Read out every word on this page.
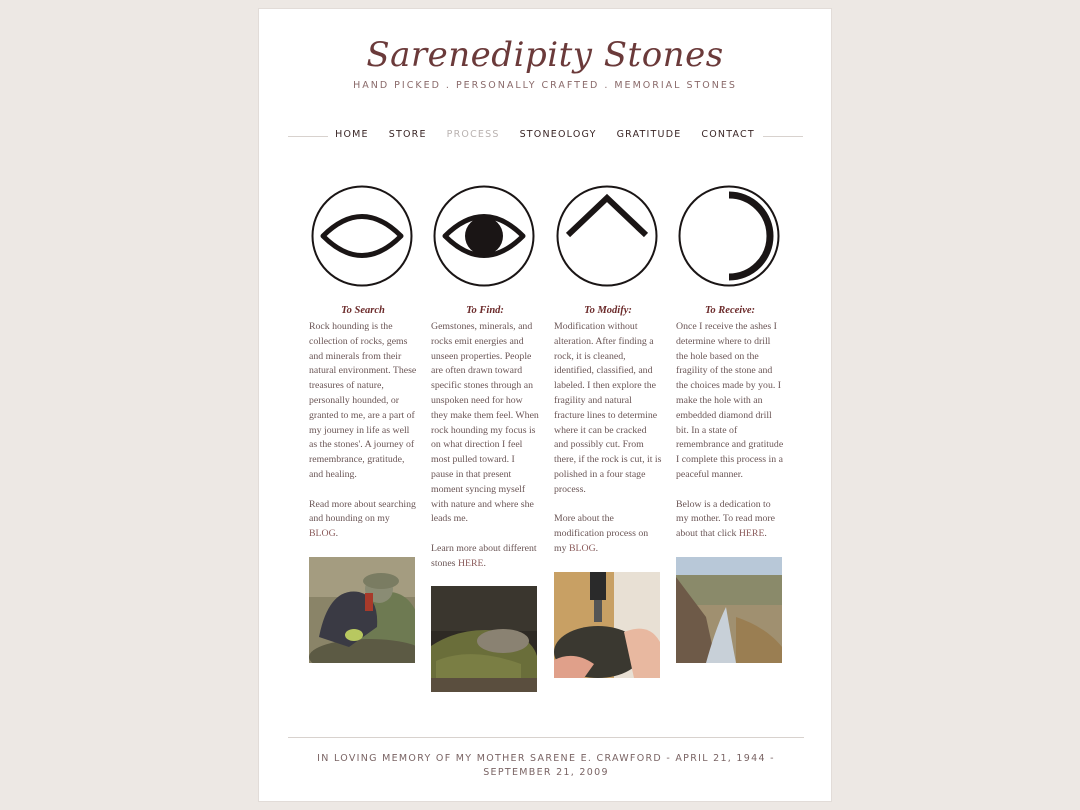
Sarenedipity Stones
HAND PICKED . PERSONALLY CRAFTED . MEMORIAL STONES
HOME STORE PROCESS STONEOLOGY GRATITUDE CONTACT
To Search

Rock hounding is the collection of rocks, gems and minerals from their natural environment. These treasures of nature, personally hounded, or granted to me, are a part of my journey in life as well as the stones'. A journey of remembrance, gratitude, and healing.

Read more about searching and hounding on my BLOG.

To Find:

Gemstones, minerals, and rocks emit energies and unseen properties. People are often drawn toward specific stones through an unspoken need for how they make them feel. When rock hounding my focus is on what direction I feel most pulled toward. I pause in that present moment syncing myself with nature and where she leads me.

Learn more about different stones HERE.

To Modify:

Modification without alteration. After finding a rock, it is cleaned, identified, classified, and labeled. I then explore the fragility and natural fracture lines to determine where it can be cracked and possibly cut. From there, if the rock is cut, it is polished in a four stage process.

More about the modification process on my BLOG.

To Receive:

Once I receive the ashes I determine where to drill the hole based on the fragility of the stone and the choices made by you. I make the hole with an embedded diamond drill bit. In a state of remembrance and gratitude I complete this process in a peaceful manner.

Below is a dedication to my mother. To read more about that click HERE.

IN LOVING MEMORY OF MY MOTHER SARENE E. CRAWFORD - APRIL 21, 1944 - SEPTEMBER 21, 2009
